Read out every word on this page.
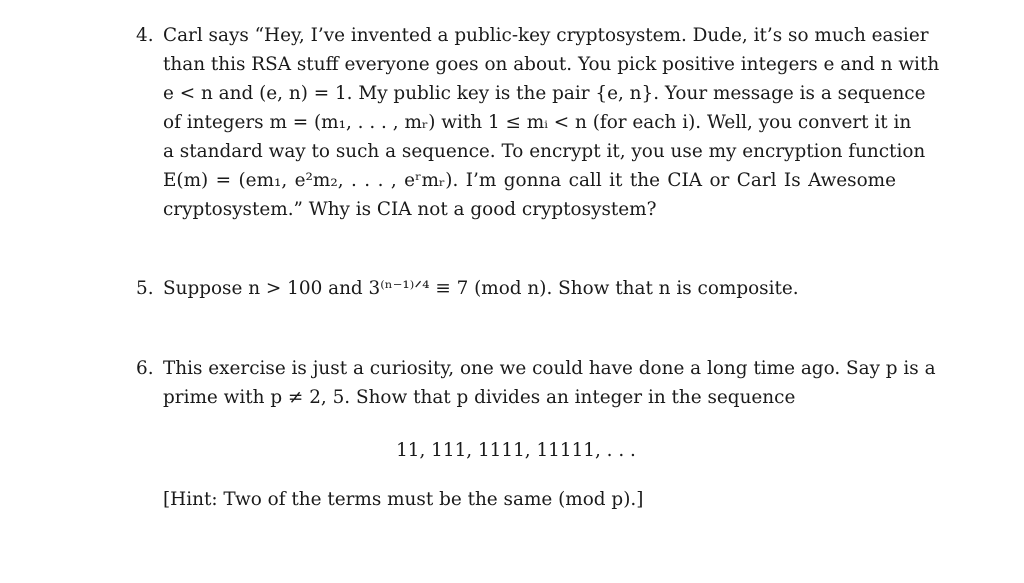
4. Carl says “Hey, I’ve invented a public-key cryptosystem. Dude, it’s so much easier
than this RSA stuff everyone goes on about. You pick positive integers e and n with
e < n and (e, n) = 1. My public key is the pair {e, n}. Your message is a sequence
of integers m = (m₁, . . . , mᵣ) with 1 ≤ mᵢ < n (for each i). Well, you convert it in
a standard way to such a sequence. To encrypt it, you use my encryption function
E(m) = (em₁, e²m₂, . . . , eʳmᵣ). I’m gonna call it the CIA or Carl Is Awesome
cryptosystem.” Why is CIA not a good cryptosystem?
5. Suppose n > 100 and 3⁽ⁿ⁻¹⁾ᐟ⁴ ≡ 7 (mod n). Show that n is composite.
6. This exercise is just a curiosity, one we could have done a long time ago. Say p is a
prime with p ≠ 2, 5. Show that p divides an integer in the sequence
11, 111, 1111, 11111, . . .
[Hint: Two of the terms must be the same (mod p).]
